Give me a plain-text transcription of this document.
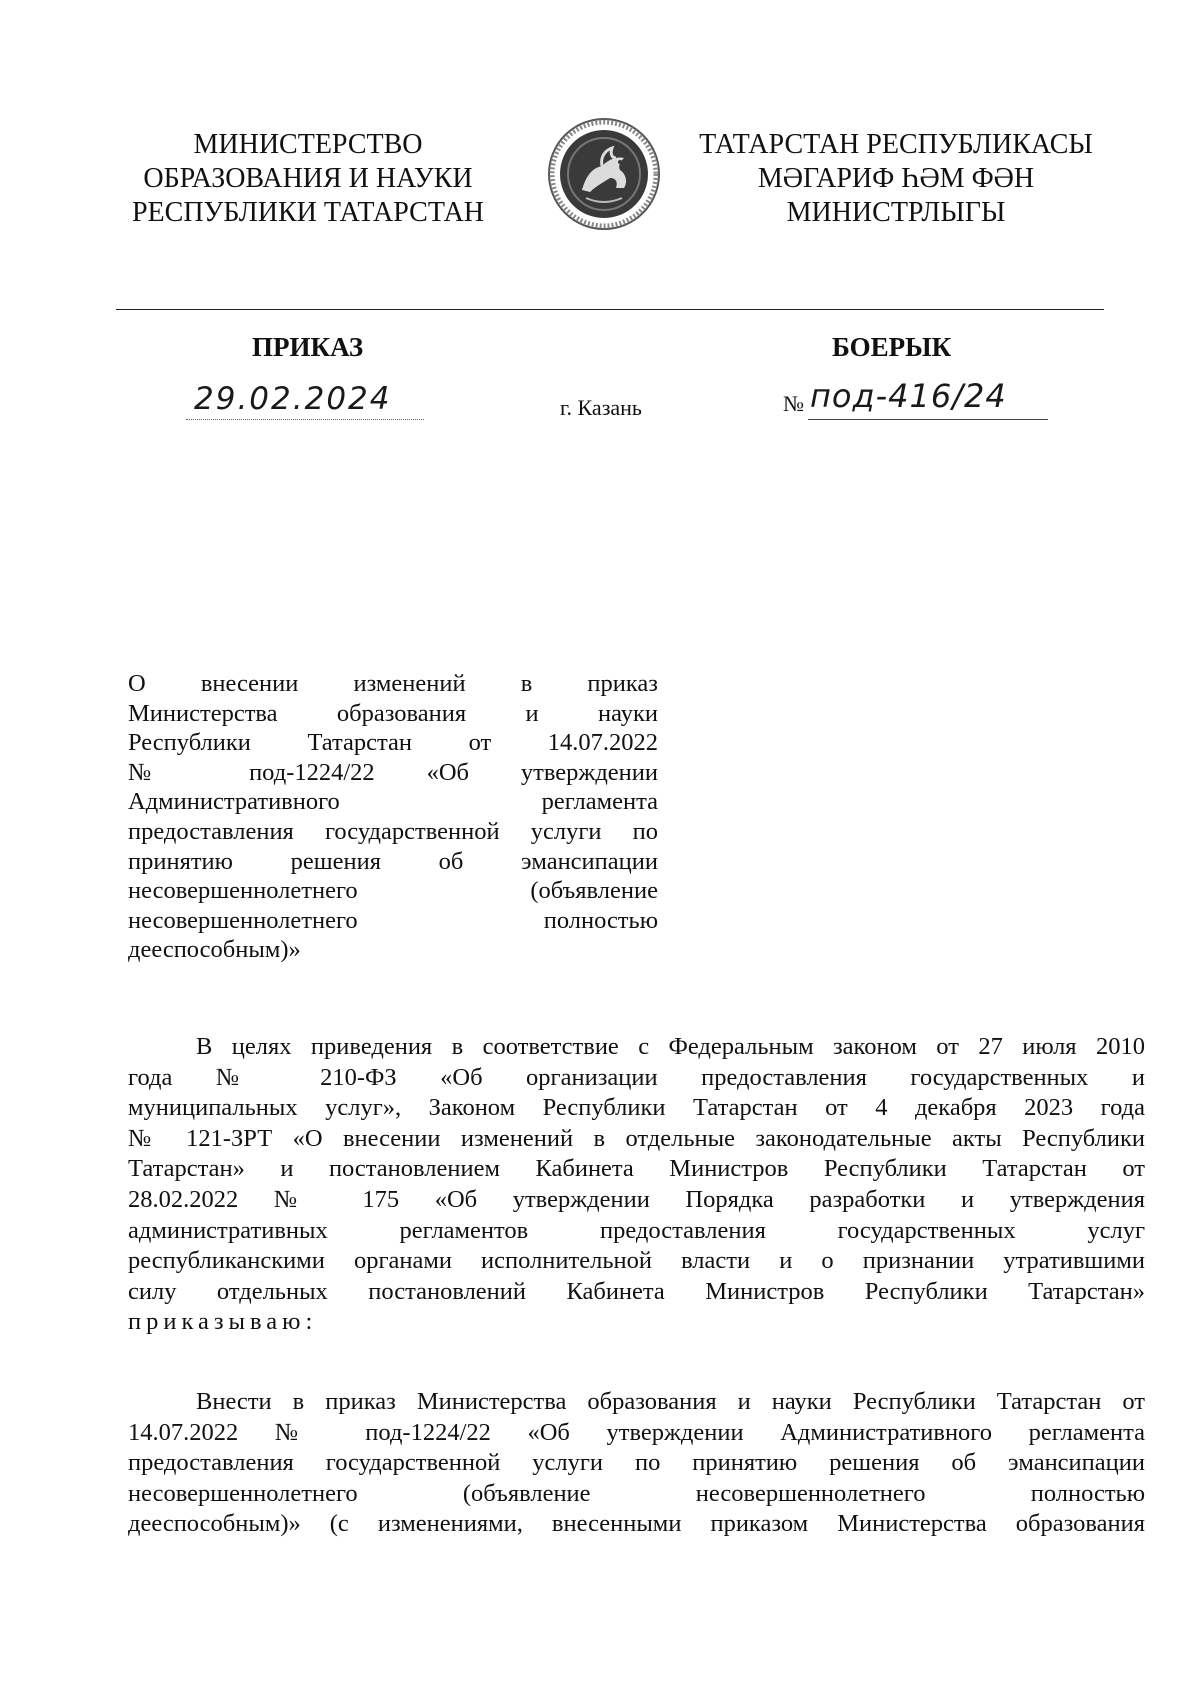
МИНИСТЕРСТВО
ОБРАЗОВАНИЯ И НАУКИ
РЕСПУБЛИКИ ТАТАРСТАН
ТАТАРСТАН РЕСПУБЛИКАСЫ
МӘГАРИФ ҺӘМ ФӘН
МИНИСТРЛЫГЫ
ПРИКАЗ	БОЕРЫК
29.02.2024	г. Казань	№ под-416/24
О внесении изменений в приказ
Министерства образования и науки
Республики Татарстан от 14.07.2022
№ под-1224/22 «Об утверждении
Административного регламента
предоставления государственной услуги по
принятию решения об эмансипации
несовершеннолетнего (объявление
несовершеннолетнего полностью
дееспособным)»
В целях приведения в соответствие с Федеральным законом от 27 июля 2010
года № 210-ФЗ «Об организации предоставления государственных и
муниципальных услуг», Законом Республики Татарстан от 4 декабря 2023 года
№ 121-ЗРТ «О внесении изменений в отдельные законодательные акты Республики
Татарстан» и постановлением Кабинета Министров Республики Татарстан от
28.02.2022 № 175 «Об утверждении Порядка разработки и утверждения
административных регламентов предоставления государственных услуг
республиканскими органами исполнительной власти и о признании утратившими
силу отдельных постановлений Кабинета Министров Республики Татарстан»
приказываю:
Внести в приказ Министерства образования и науки Республики Татарстан от
14.07.2022 № под-1224/22 «Об утверждении Административного регламента
предоставления государственной услуги по принятию решения об эмансипации
несовершеннолетнего (объявление несовершеннолетнего полностью
дееспособным)» (с изменениями, внесенными приказом Министерства образования
